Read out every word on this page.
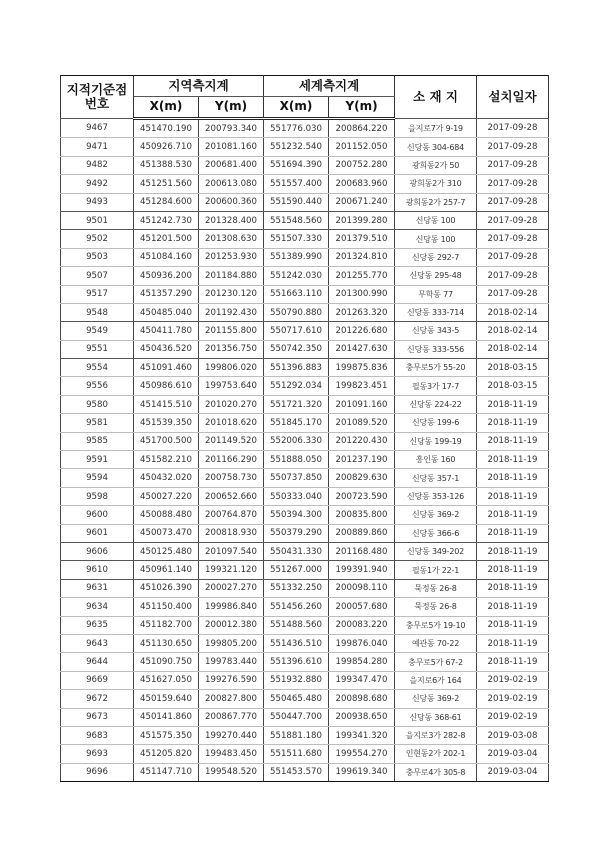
지적기준점
번호	지역측지계		세계측지계		소 재 지	설치일자
	X(m)	Y(m)	X(m)	Y(m)		
9467	451470.190	200793.340	551776.030	200864.220	을지로7가 9-19	2017-09-28
9471	450926.710	201081.160	551232.540	201152.050	신당동 304-684	2017-09-28
9482	451388.530	200681.400	551694.390	200752.280	광희동2가 50	2017-09-28
9492	451251.560	200613.080	551557.400	200683.960	광희동2가 310	2017-09-28
9493	451284.600	200600.360	551590.440	200671.240	광희동2가 257-7	2017-09-28
9501	451242.730	201328.400	551548.560	201399.280	신당동 100	2017-09-28
9502	451201.500	201308.630	551507.330	201379.510	신당동 100	2017-09-28
9503	451084.160	201253.930	551389.990	201324.810	신당동 292-7	2017-09-28
9507	450936.200	201184.880	551242.030	201255.770	신당동 295-48	2017-09-28
9517	451357.290	201230.120	551663.110	201300.990	무학동 77	2017-09-28
9548	450485.040	201192.430	550790.880	201263.320	신당동 333-714	2018-02-14
9549	450411.780	201155.800	550717.610	201226.680	신당동 343-5	2018-02-14
9551	450436.520	201356.750	550742.350	201427.630	신당동 333-556	2018-02-14
9554	451091.460	199806.020	551396.883	199875.836	충무로5가 55-20	2018-03-15
9556	450986.610	199753.640	551292.034	199823.451	필동3가 17-7	2018-03-15
9580	451415.510	201020.270	551721.320	201091.160	신당동 224-22	2018-11-19
9581	451539.350	201018.620	551845.170	201089.520	신당동 199-6	2018-11-19
9585	451700.500	201149.520	552006.330	201220.430	신당동 199-19	2018-11-19
9591	451582.210	201166.290	551888.050	201237.190	흥인동 160	2018-11-19
9594	450432.020	200758.730	550737.850	200829.630	신당동 357-1	2018-11-19
9598	450027.220	200652.660	550333.040	200723.590	신당동 353-126	2018-11-19
9600	450088.480	200764.870	550394.300	200835.800	신당동 369-2	2018-11-19
9601	450073.470	200818.930	550379.290	200889.860	신당동 366-6	2018-11-19
9606	450125.480	201097.540	550431.330	201168.480	신당동 349-202	2018-11-19
9610	450961.140	199321.120	551267.000	199391.940	필동1가 22-1	2018-11-19
9631	451026.390	200027.270	551332.250	200098.110	묵정동 26-8	2018-11-19
9634	451150.400	199986.840	551456.260	200057.680	묵정동 26-8	2018-11-19
9635	451182.700	200012.380	551488.560	200083.220	충무로5가 19-10	2018-11-19
9643	451130.650	199805.200	551436.510	199876.040	예관동 70-22	2018-11-19
9644	451090.750	199783.440	551396.610	199854.280	충무로5가 67-2	2018-11-19
9669	451627.050	199276.590	551932.880	199347.470	을지로6가 164	2019-02-19
9672	450159.640	200827.800	550465.480	200898.680	신당동 369-2	2019-02-19
9673	450141.860	200867.770	550447.700	200938.650	신당동 368-61	2019-02-19
9683	451575.350	199270.440	551881.180	199341.320	을지로3가 282-8	2019-03-08
9693	451205.820	199483.450	551511.680	199554.270	인현동2가 202-1	2019-03-04
9696	451147.710	199548.520	551453.570	199619.340	충무로4가 305-8	2019-03-04
